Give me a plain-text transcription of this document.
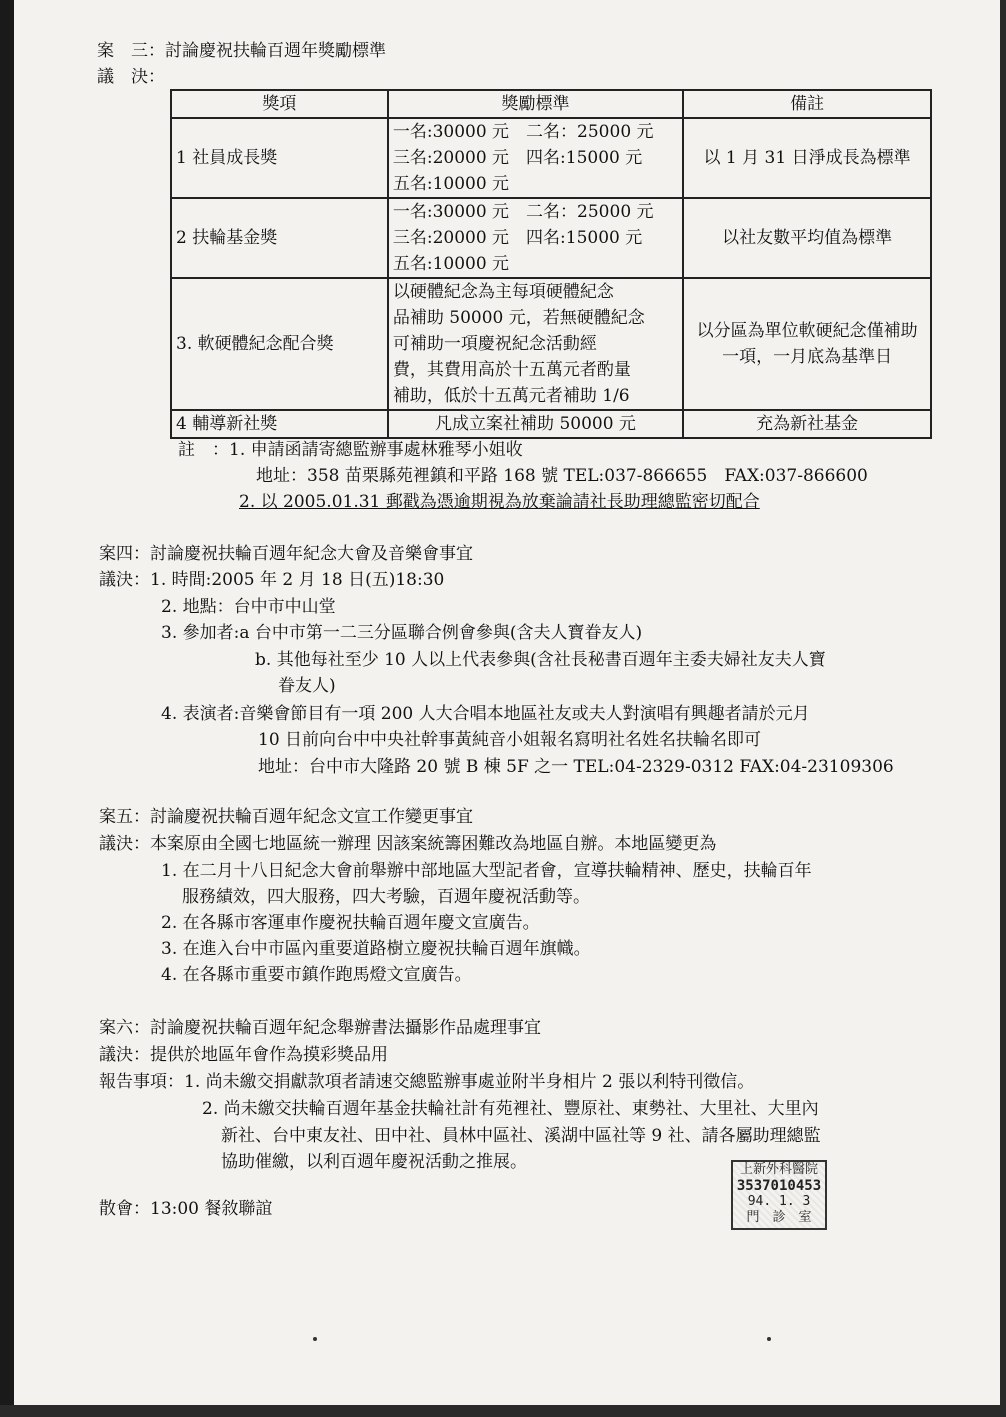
案　三：討論慶祝扶輪百週年獎勵標準
議　決：
獎項	獎勵標準	備註
1 社員成長獎	一名:30000 元　二名：25000 元
三名:20000 元　四名:15000 元
五名:10000 元	以 1 月 31 日淨成長為標準
2 扶輪基金獎	一名:30000 元　二名：25000 元
三名:20000 元　四名:15000 元
五名:10000 元	以社友數平均值為標準
3. 軟硬體紀念配合獎	以硬體紀念為主每項硬體紀念
品補助 50000 元，若無硬體紀念
可補助一項慶祝紀念活動經
費，其費用高於十五萬元者酌量
補助，低於十五萬元者補助 1/6	以分區為單位軟硬紀念僅補助一項，一月底為基準日
4 輔導新社獎	凡成立案社補助 50000 元	充為新社基金
註　：1. 申請函請寄總監辦事處林雅琴小姐收
地址：358 苗栗縣苑裡鎮和平路 168 號 TEL:037-866655　FAX:037-866600
2. 以 2005.01.31 郵戳為憑逾期視為放棄論請社長助理總監密切配合
案四：討論慶祝扶輪百週年紀念大會及音樂會事宜
議決：1. 時間:2005 年 2 月 18 日(五)18:30
2. 地點：台中市中山堂
3. 參加者:a 台中市第一二三分區聯合例會參與(含夫人寶眷友人)
b. 其他每社至少 10 人以上代表參與(含社長秘書百週年主委夫婦社友夫人寶
眷友人)
4. 表演者:音樂會節目有一項 200 人大合唱本地區社友或夫人對演唱有興趣者請於元月
10 日前向台中中央社幹事黃純音小姐報名寫明社名姓名扶輪名即可
地址：台中市大隆路 20 號 B 棟 5F 之一 TEL:04-2329-0312 FAX:04-23109306
案五：討論慶祝扶輪百週年紀念文宣工作變更事宜
議決：本案原由全國七地區統一辦理 因該案統籌困難改為地區自辦。本地區變更為
1. 在二月十八日紀念大會前舉辦中部地區大型記者會，宣導扶輪精神、歷史，扶輪百年
服務績效，四大服務，四大考驗，百週年慶祝活動等。
2. 在各縣市客運車作慶祝扶輪百週年慶文宣廣告。
3. 在進入台中市區內重要道路樹立慶祝扶輪百週年旗幟。
4. 在各縣市重要市鎮作跑馬燈文宣廣告。
案六：討論慶祝扶輪百週年紀念舉辦書法攝影作品處理事宜
議決：提供於地區年會作為摸彩獎品用
報告事項：1. 尚未繳交捐獻款項者請速交總監辦事處並附半身相片 2 張以利特刊徵信。
2. 尚未繳交扶輪百週年基金扶輪社計有苑裡社、豐原社、東勢社、大里社、大里內
新社、台中東友社、田中社、員林中區社、溪湖中區社等 9 社、請各屬助理總監
協助催繳，以利百週年慶祝活動之推展。	上新外科醫院
3537010453
94. 1. 3
門　診　室
散會：13:00 餐敘聯誼
